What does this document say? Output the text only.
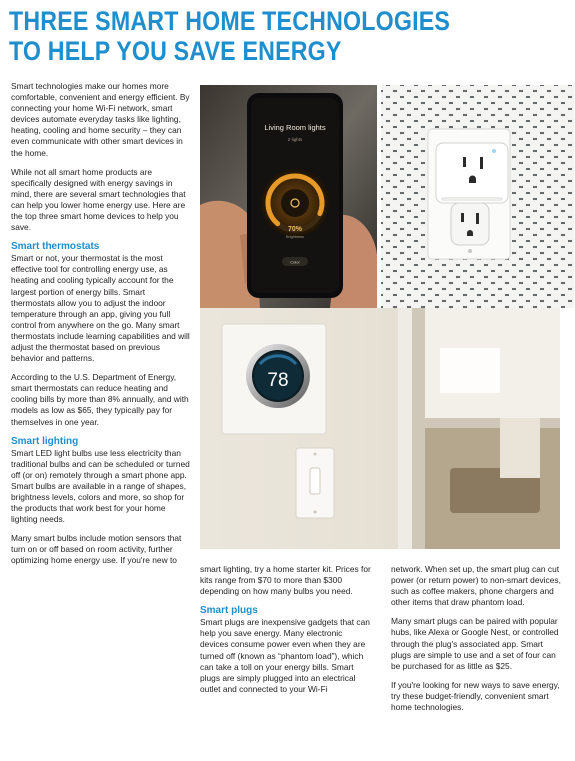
THREE SMART HOME TECHNOLOGIES
TO HELP YOU SAVE ENERGY

Smart technologies make our homes more comfortable, convenient and energy efficient. By connecting your home Wi-Fi network, smart devices automate everyday tasks like lighting, heating, cooling and home security – they can even communicate with other smart devices in the home.

While not all smart home products are specifically designed with energy savings in mind, there are several smart technologies that can help you lower home energy use. Here are the top three smart home devices to help you save.

Smart thermostats

Smart or not, your thermostat is the most effective tool for controlling energy use, as heating and cooling typically account for the largest portion of energy bills. Smart thermostats allow you to adjust the indoor temperature through an app, giving you full control from anywhere on the go. Many smart thermostats include learning capabilities and will adjust the thermostat based on previous behavior and patterns.

According to the U.S. Department of Energy, smart thermostats can reduce heating and cooling bills by more than 8% annually, and with models as low as $65, they typically pay for themselves in one year.

Smart lighting

Smart LED light bulbs use less electricity than traditional bulbs and can be scheduled or turned off (or on) remotely through a smart phone app. Smart bulbs are available in a range of shapes, brightness levels, colors and more, so shop for the products that work best for your home lighting needs.

Many smart bulbs include motion sensors that turn on or off based on room activity, further optimizing home energy use. If you're new to

smart lighting, try a home starter kit. Prices for kits range from $70 to more than $300 depending on how many bulbs you need.

Smart plugs

Smart plugs are inexpensive gadgets that can help you save energy. Many electronic devices consume power even when they are turned off (known as “phantom load”), which can take a toll on your energy bills. Smart plugs are simply plugged into an electrical outlet and connected to your Wi-Fi

network. When set up, the smart plug can cut power (or return power) to non-smart devices, such as coffee makers, phone chargers and other items that draw phantom load.

Many smart plugs can be paired with popular hubs, like Alexa or Google Nest, or controlled through the plug's associated app. Smart plugs are simple to use and a set of four can be purchased for as little as $25.

If you're looking for new ways to save energy, try these budget-friendly, convenient smart home technologies.

Living Room lights
2 lights
70%
Brightness
Color
78
